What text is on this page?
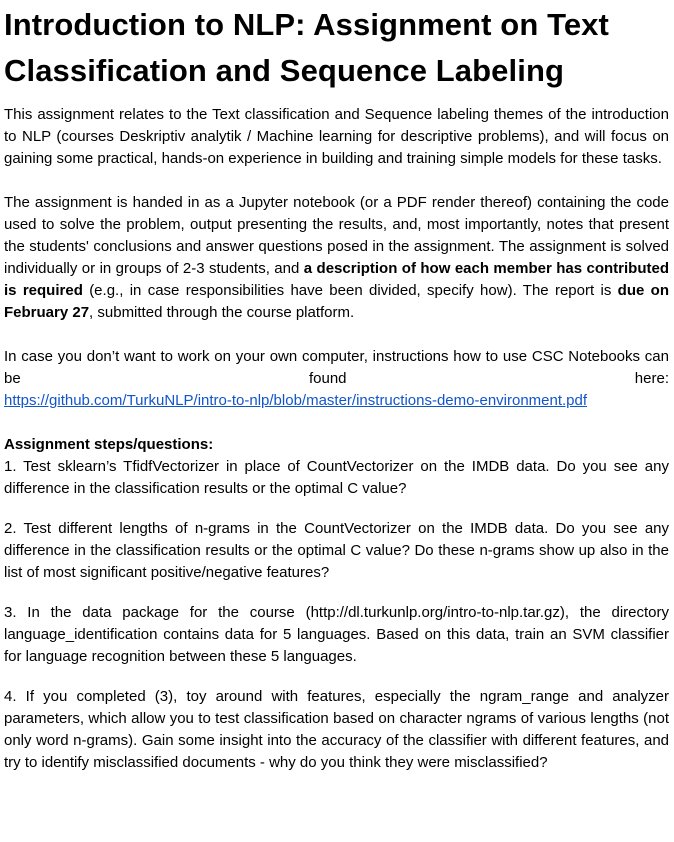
Introduction to NLP: Assignment on Text Classification and Sequence Labeling

This assignment relates to the Text classification and Sequence labeling themes of the introduction to NLP (courses Deskriptiv analytik / Machine learning for descriptive problems), and will focus on gaining some practical, hands-on experience in building and training simple models for these tasks.

The assignment is handed in as a Jupyter notebook (or a PDF render thereof) containing the code used to solve the problem, output presenting the results, and, most importantly, notes that present the students' conclusions and answer questions posed in the assignment. The assignment is solved individually or in groups of 2-3 students, and a description of how each member has contributed is required (e.g., in case responsibilities have been divided, specify how). The report is due on February 27, submitted through the course platform.

In case you don’t want to work on your own computer, instructions how to use CSC Notebooks can be found here:

https://github.com/TurkuNLP/intro-to-nlp/blob/master/instructions-demo-environment.pdf

Assignment steps/questions:

1. Test sklearn’s TfidfVectorizer in place of CountVectorizer on the IMDB data. Do you see any difference in the classification results or the optimal C value?

2. Test different lengths of n-grams in the CountVectorizer on the IMDB data. Do you see any difference in the classification results or the optimal C value? Do these n-grams show up also in the list of most significant positive/negative features?

3. In the data package for the course (http://dl.turkunlp.org/intro-to-nlp.tar.gz), the directory language_identification contains data for 5 languages. Based on this data, train an SVM classifier for language recognition between these 5 languages.

4. If you completed (3), toy around with features, especially the ngram_range and analyzer parameters, which allow you to test classification based on character ngrams of various lengths (not only word n-grams). Gain some insight into the accuracy of the classifier with different features, and try to identify misclassified documents - why do you think they were misclassified?
